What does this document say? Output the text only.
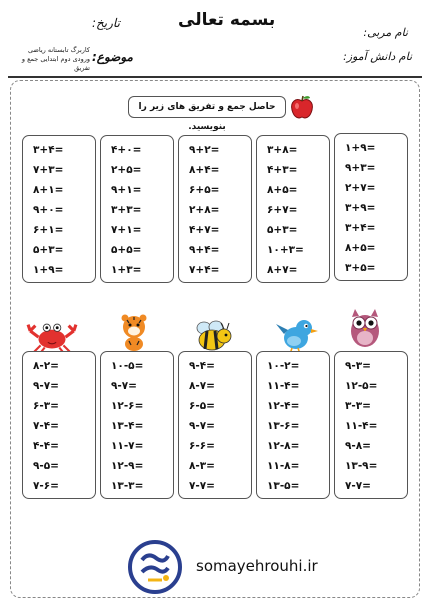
بسمه تعالی
تاریخ:
نام مربی:
نام دانش آموز:
موضوع:
کاربرگ تابستانه ریاضی ورودی دوم ابتدایی جمع و تفریق
حاصل جمع و تفریق های زیر را بنویسید.
۳+۴=
۷+۳=
۸+۱=
۹+۰=
۶+۱=
۵+۳=
۱+۹=
۴+۰=
۲+۵=
۹+۱=
۳+۳=
۷+۱=
۵+۵=
۱+۳=
۹+۲=
۸+۴=
۶+۵=
۲+۸=
۴+۷=
۹+۴=
۷+۴=
۳+۸=
۴+۳=
۸+۵=
۶+۷=
۵+۳=
۱۰+۳=
۸+۷=
۱+۹=
۹+۳=
۲+۷=
۳+۹=
۳+۴=
۸+۵=
۳+۵=
۸-۲=
۹-۷=
۶-۳=
۷-۴=
۴-۴=
۹-۵=
۷-۶=
۱۰-۵=
۹-۷=
۱۲-۶=
۱۳-۴=
۱۱-۷=
۱۲-۹=
۱۳-۳=
۹-۴=
۸-۷=
۶-۵=
۹-۷=
۶-۶=
۸-۳=
۷-۷=
۱۰-۲=
۱۱-۴=
۱۲-۴=
۱۳-۶=
۱۲-۸=
۱۱-۸=
۱۳-۵=
۹-۳=
۱۲-۵=
۳-۳=
۱۱-۴=
۹-۸=
۱۳-۹=
۷-۷=
somayehrouhi.ir
